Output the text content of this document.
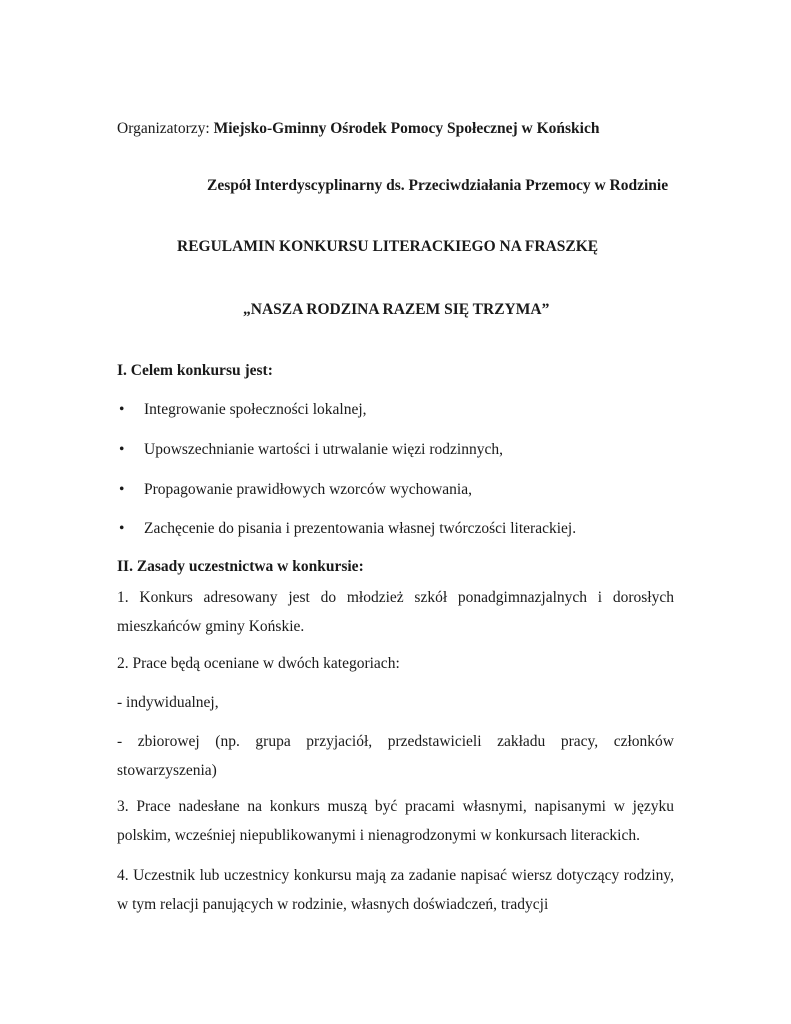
Organizatorzy: Miejsko-Gminny Ośrodek Pomocy Społecznej w Końskich
Zespół Interdyscyplinarny ds. Przeciwdziałania Przemocy w Rodzinie
REGULAMIN KONKURSU LITERACKIEGO NA FRASZKĘ
„NASZA RODZINA RAZEM SIĘ TRZYMA”
I. Celem konkursu jest:
• Integrowanie społeczności lokalnej,
• Upowszechnianie wartości i utrwalanie więzi rodzinnych,
• Propagowanie prawidłowych wzorców wychowania,
• Zachęcenie do pisania i prezentowania własnej twórczości literackiej.
II. Zasady uczestnictwa w konkursie:
1. Konkurs adresowany jest do młodzież szkół ponadgimnazjalnych i dorosłych mieszkańców gminy Końskie.
2. Prace będą oceniane w dwóch kategoriach:
- indywidualnej,
- zbiorowej (np. grupa przyjaciół, przedstawicieli zakładu pracy, członków stowarzyszenia)
3. Prace nadesłane na konkurs muszą być pracami własnymi, napisanymi w języku polskim, wcześniej niepublikowanymi i nienagrodzonymi w konkursach literackich.
4. Uczestnik lub uczestnicy konkursu mają za zadanie napisać wiersz dotyczący rodziny, w tym relacji panujących w rodzinie, własnych doświadczeń, tradycji
